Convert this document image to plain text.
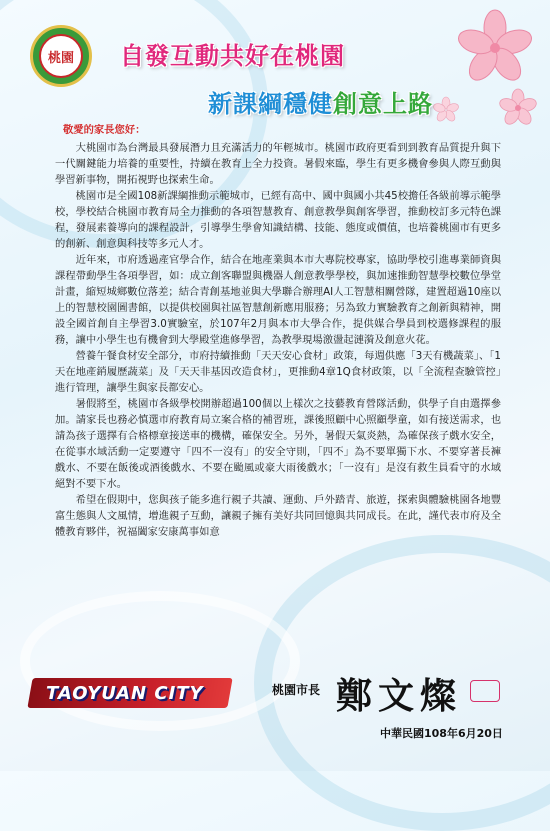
桃園	自發互動共好在桃園
新課綱穩健創意上路
敬愛的家長您好：

大桃園市為台灣最具發展潛力且充滿活力的年輕城市。桃園市政府更看到到教育品質提升與下一代關鍵能力培養的重要性，持續在教育上全力投資。暑假來臨，學生有更多機會參與人際互動與學習新事物，開拓視野也探索生命。

桃園市是全國108新課綱推動示範城市，已經有高中、國中與國小共45校擔任各級前導示範學校，學校結合桃園市教育局全力推動的各項智慧教育、創意教學與創客學習，推動校訂多元特色課程，發展素養導向的課程設計，引導學生學會知識結構、技能、態度或價值，也培養桃園市有更多的創新、創意與科技等多元人才。

近年來，市府透過產官學合作，結合在地產業與本市大專院校專家，協助學校引進專業師資與課程帶動學生各項學習，如：成立創客聯盟與機器人創意教學學校，與加速推動智慧學校數位學堂計畫，縮短城鄉數位落差；結合青創基地並與大學聯合辦理AI人工智慧相關營隊，建置超過10座以上的智慧校園圖書館，以提供校園與社區智慧創新應用服務；另為致力實驗教育之創新與精神，開設全國首創自主學習3.0實驗室，於107年2月與本市大學合作，提供媒合學員到校選修課程的服務，讓中小學生也有機會到大學殿堂進修學習，為教學現場激盪起漣漪及創意火花。

營養午餐食材安全部分，市府持續推動「天天安心食材」政策，每週供應「3天有機蔬菜」、「1天在地產銷履歷蔬菜」及「天天非基因改造食材」，更推動4章1Q食材政策，以「全流程查驗管控」進行管理，讓學生與家長都安心。

暑假將至，桃園市各級學校開辦超過100個以上樣次之技藝教育營隊活動，供學子自由選擇參加。請家長也務必慎選市府教育局立案合格的補習班，課後照顧中心照顧學童，如有接送需求，也請為孩子選擇有合格標章接送車的機構，確保安全。另外，暑假天氣炎熱，為確保孩子戲水安全，在從事水域活動一定要遵守「四不一沒有」的安全守則，「四不」為不要單獨下水、不要穿著長褲戲水、不要在飯後或酒後戲水、不要在颱風或豪大雨後戲水；「一沒有」是沒有救生員看守的水域絕對不要下水。

希望在假期中，您與孩子能多進行親子共讀、運動、戶外踏青、旅遊，探索與體驗桃園各地豐富生態與人文風情，增進親子互動，讓親子擁有美好共同回憶與共同成長。在此，謹代表市府及全體教育夥伴，祝福闔家安康萬事如意

TAOYUAN CITY	桃園市長 鄭文燦
中華民國108年6月20日
